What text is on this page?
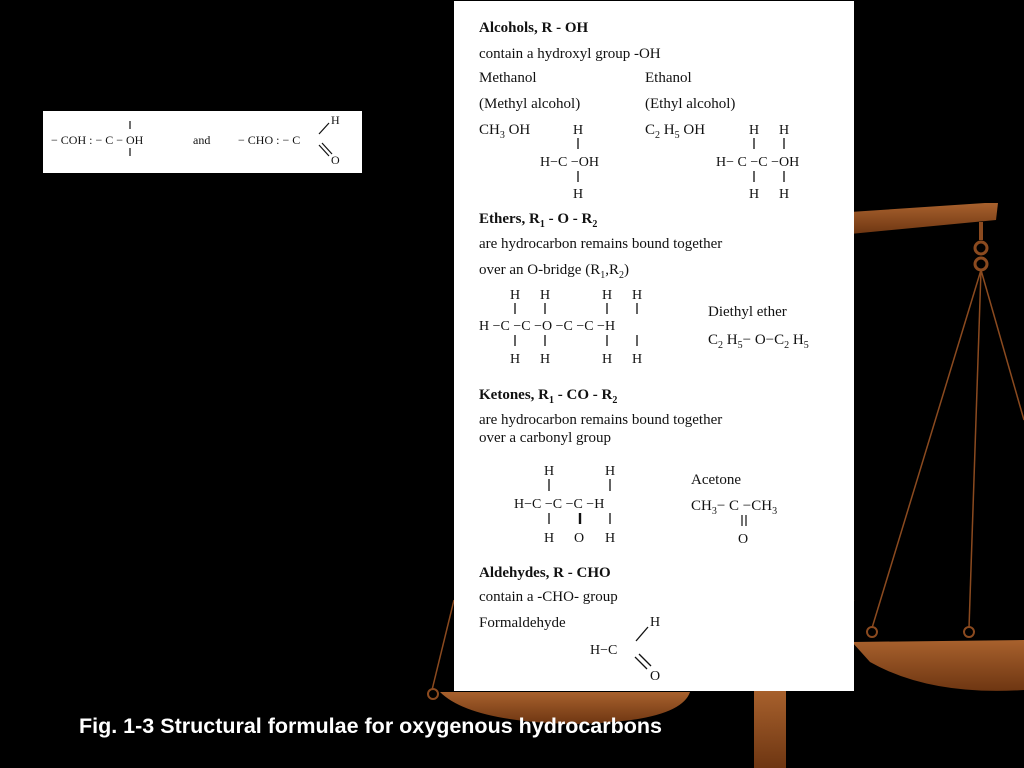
− COH : − C − OH	and − CHO : − C
H
O
Alcohols, R - OH
contain a hydroxyl group -OH
Methanol	Ethanol
(Methyl alcohol)	(Ethyl alcohol)
$CH_3$ OH	$C_2$ $H_5$ OH
H
H−C −OH
H
H H
H− C −C −OH
H H
Ethers, $R_1$ - O - $R_2$
are hydrocarbon remains bound together
over an O-bridge $(R_1,R_2)$
H H	H H
H −C −C −O −C −C −H
H H	H H
Diethyl ether
$C_2$ $H_5- O-C_2$ $H_5$
Ketones, $R_1$ - CO - $R_2$
are hydrocarbon remains bound together
over a carbonyl group
H	H
H−C −C −C −H
H O H
Acetone
$CH_3- C -CH_3$
O
Aldehydes, R - CHO
contain a -CHO- group
Formaldehyde	H
H−C
O
Fig. 1-3 Structural formulae for oxygenous hydrocarbons
